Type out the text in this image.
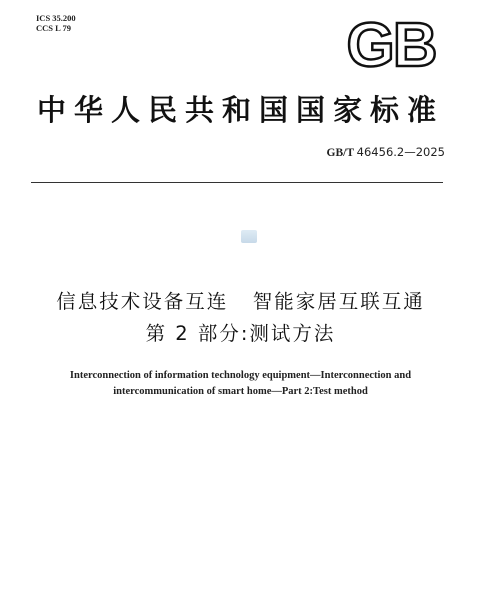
ICS 35.200
CCS L 79	GB
中华人民共和国国家标准
GB/T 46456.2—2025
信息技术设备互连   智能家居互联互通
第 2 部分:测试方法
Interconnection of information technology equipment—Interconnection and
intercommunication of smart home—Part 2:Test method
